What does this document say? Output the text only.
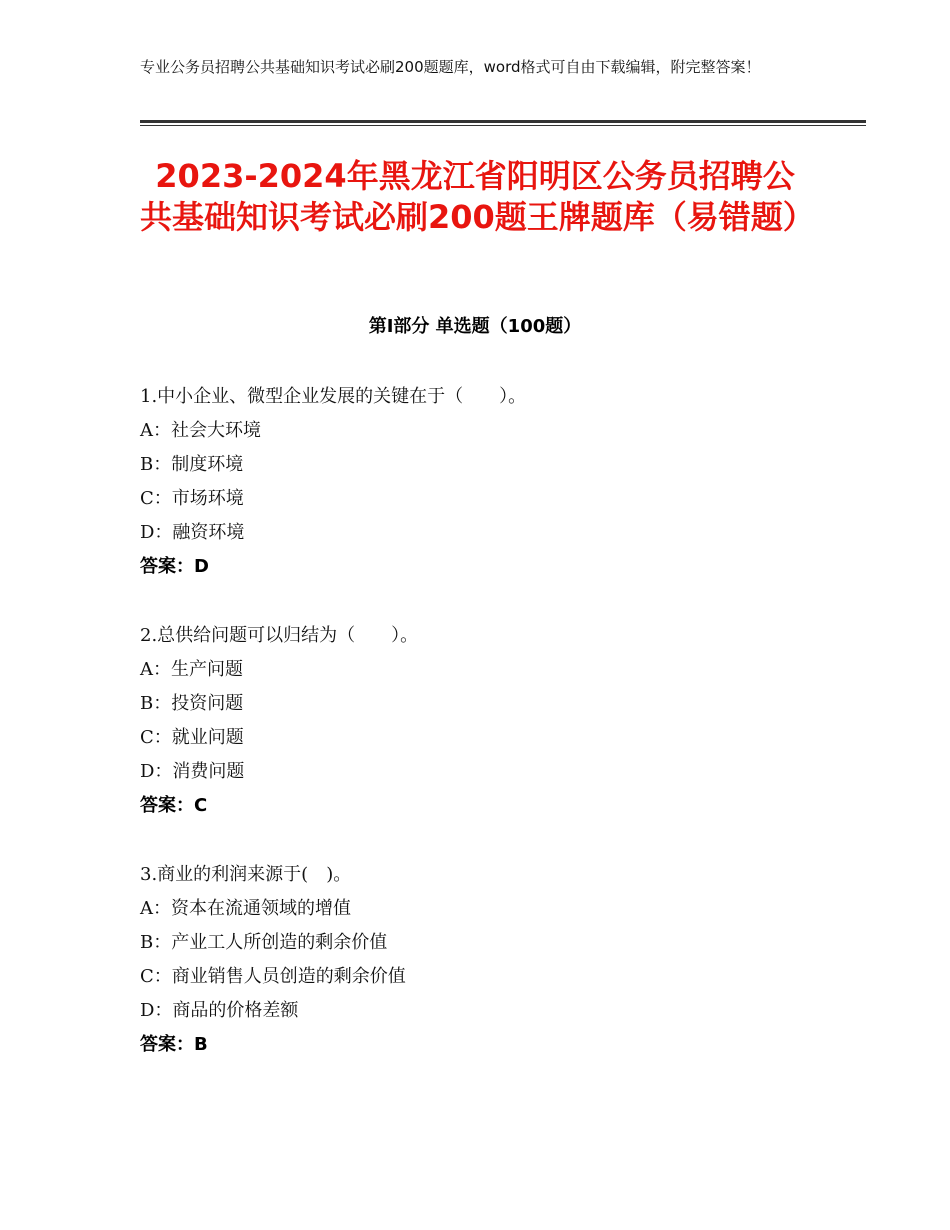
专业公务员招聘公共基础知识考试必刷200题题库，word格式可自由下载编辑，附完整答案！
2023-2024年黑龙江省阳明区公务员招聘公共基础知识考试必刷200题王牌题库（易错题）
第Ⅰ部分 单选题（100题）
1.中小企业、微型企业发展的关键在于（　　）。
A：社会大环境
B：制度环境
C：市场环境
D：融资环境
答案：D
2.总供给问题可以归结为（　　）。
A：生产问题
B：投资问题
C：就业问题
D：消费问题
答案：C
3.商业的利润来源于(　)。
A：资本在流通领域的增值
B：产业工人所创造的剩余价值
C：商业销售人员创造的剩余价值
D：商品的价格差额
答案：B
